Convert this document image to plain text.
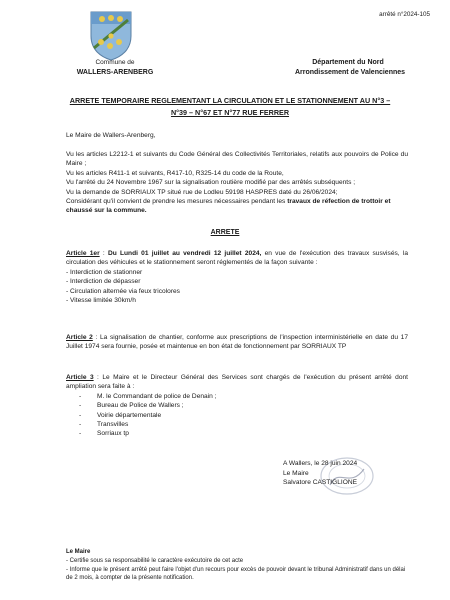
arrêté n°2024-105
Commune de
WALLERS-ARENBERG
Département du Nord
Arrondissement de Valenciennes
ARRETE TEMPORAIRE REGLEMENTANT LA CIRCULATION ET LE STATIONNEMENT AU N°3 –
N°39 – N°67 ET N°77 RUE FERRER
Le Maire de Wallers-Arenberg,

Vu les articles L2212-1 et suivants du Code Général des Collectivités Territoriales, relatifs aux pouvoirs de Police du Maire ;

Vu les articles R411-1 et suivants, R417-10, R325-14 du code de la Route,

Vu l'arrêté du 24 Novembre 1967 sur la signalisation routière modifié par des arrêtés subséquents ;

Vu la demande de SORRIAUX TP situé rue de Lodleu 59198 HASPRES daté du 26/06/2024;

Considérant qu'il convient de prendre les mesures nécessaires pendant les travaux de réfection de trottoir et chaussé sur la commune.

ARRETE

Article 1er : Du Lundi 01 juillet au vendredi 12 juillet 2024, en vue de l'exécution des travaux susvisés, la circulation des véhicules et le stationnement seront réglementés de la façon suivante :

- Interdiction de stationner

- Interdiction de dépasser

- Circulation alternée via feux tricolores

- Vitesse limitée 30km/h

Article 2 : La signalisation de chantier, conforme aux prescriptions de l'inspection interministérielle en date du 17 Juillet 1974 sera fournie, posée et maintenue en bon état de fonctionnement par SORRIAUX TP

Article 3 : Le Maire et le Directeur Général des Services sont chargés de l'exécution du présent arrêté dont ampliation sera faite à :

- M. le Commandant de police de Denain ;
- Bureau de Police de Wallers ;
- Voirie départementale
- Transvilles
- Sorriaux tp
A Wallers, le 28 juin 2024
Le Maire
Salvatore CASTIGLIONE
Le Maire
- Certifie sous sa responsabilité le caractère exécutoire de cet acte
- Informe que le présent arrêté peut faire l'objet d'un recours pour excès de pouvoir devant le tribunal Administratif dans un délai de 2 mois, à compter de la présente notification.
